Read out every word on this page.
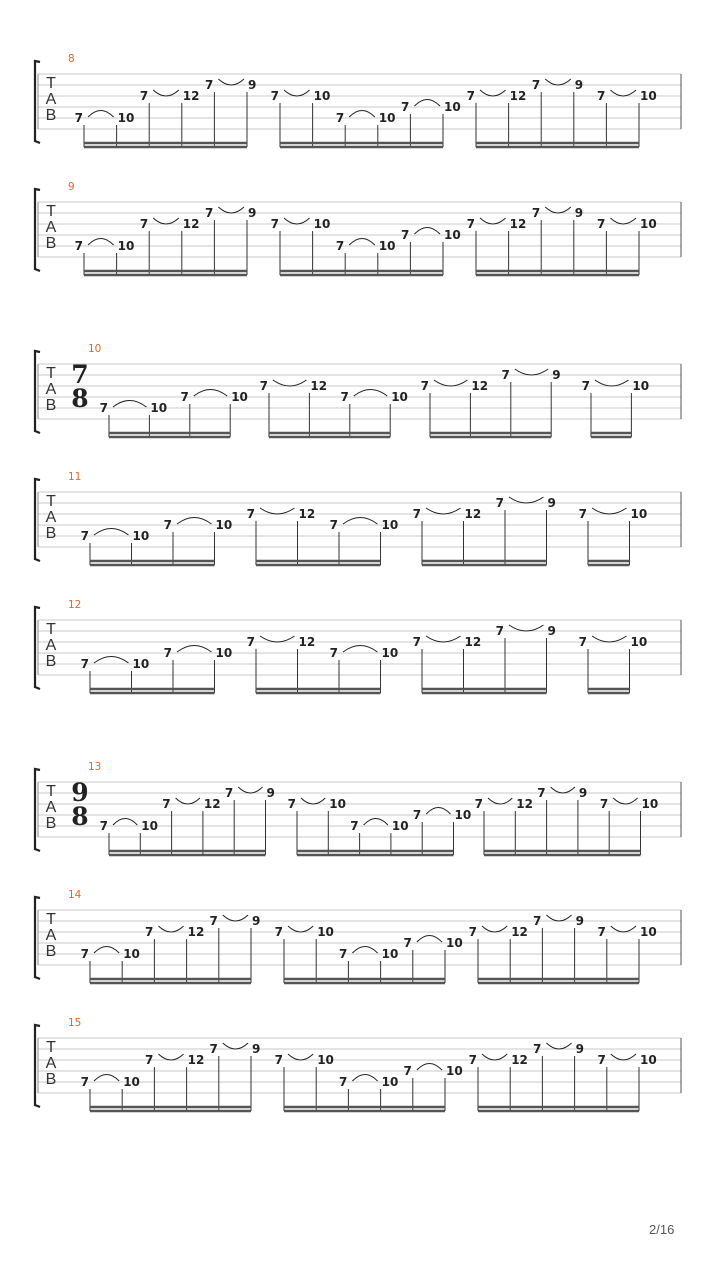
T
A
B
8
7	10
7	12
7	9
7	10
7	10
7	10
7	12
7	9
7	10
T
A
B
9
7	10
7	12
7	9
7	10
7	10
7	10
7	12
7	9
7	10
T
A
B
10
7
8 7	10
7	10
7	12
7	10
7	12
7	9
7	10
T
A
B
11
7	10
7	10
7	12
7	10
7	12
7	9
7	10
T
A
B
12
7	10
7	10
7	12
7	10
7	12
7	9
7	10
T
A
B
13
9
8 7	10
7	12
7	9
7	10
7	10
7	10
7	12
7	9
7	10
T
A
B
14
7	10
7	12
7	9
7	10
7	10
7	10
7	12
7	9
7	10
T
A
B
15
7	10
7	12
7	9
7	10
7	10
7	10
7	12
7	9
7	10
2/16
